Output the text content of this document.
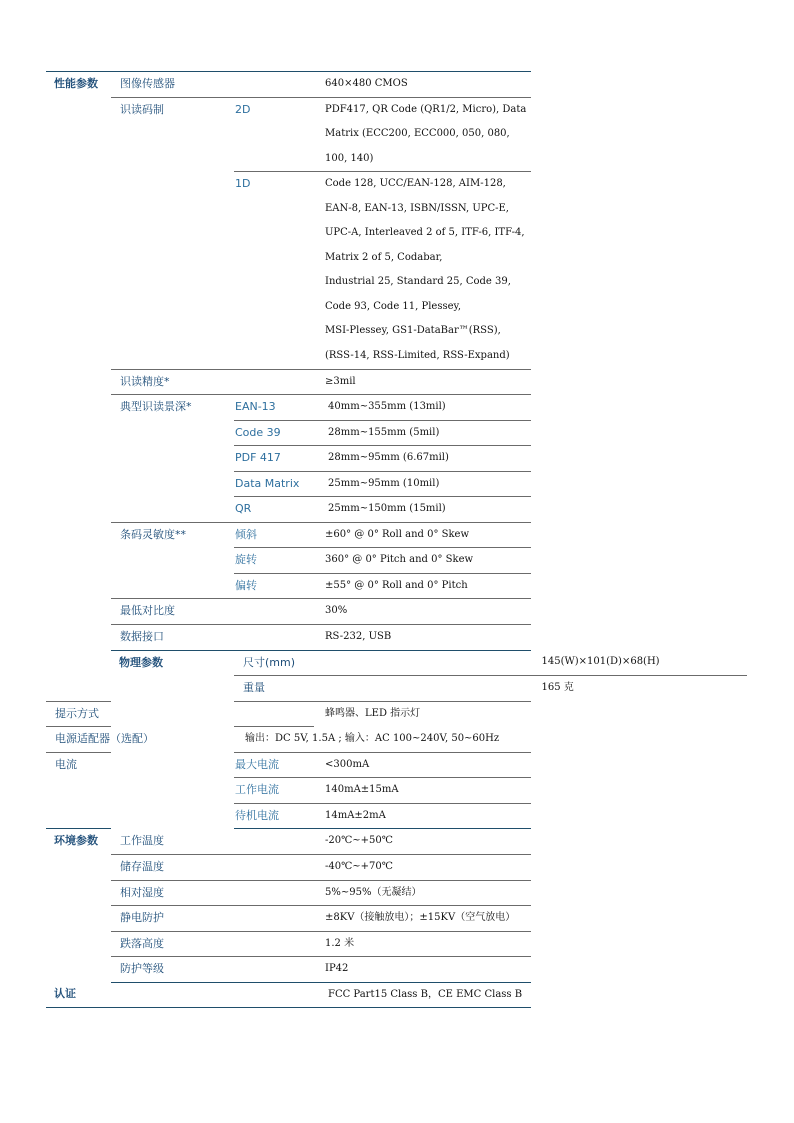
性能参数	图像传感器		640×480 CMOS	
	识读码制	2D	PDF417, QR Code (QR1/2, Micro), Data Matrix (ECC200, ECC000, 050, 080,
100, 140)	

		1D	Code 128, UCC/EAN-128, AIM-128, EAN-8, EAN-13, ISBN/ISSN, UPC-E,
UPC-A, Interleaved 2 of 5, ITF-6, ITF-4, Matrix 2 of 5, Codabar,
Industrial 25, Standard 25, Code 39, Code 93, Code 11, Plessey,
MSI-Plessey, GS1-DataBar™(RSS), (RSS-14, RSS-Limited, RSS-Expand)	

	识读精度*		≥3mil	
	典型识读景深*	EAN-13	40mm~355mm (13mil)	
		Code 39	28mm~155mm (5mil)	
		PDF 417	28mm~95mm (6.67mil)	
		Data Matrix	25mm~95mm (10mil)	
		QR	25mm~150mm (15mil)	
	条码灵敏度**	倾斜	±60° @ 0° Roll and 0° Skew	
		旋转	360° @ 0° Pitch and 0° Skew	
		偏转	±55° @ 0° Roll and 0° Pitch	
	最低对比度		30%	
	数据接口		RS-232, USB	
	物理参数	尺寸(mm)		145(W)×101(D)×68(H)
		重量		165 克
提示方式			蜂鸣器、LED 指示灯	
电源适配器（选配）		输出：DC 5V, 1.5A ; 输入：AC 100~240V, 50~60Hz		
电流		最大电流	<300mA	
		工作电流	140mA±15mA	
		待机电流	14mA±2mA	
环境参数	工作温度		-20℃~+50℃	
	储存温度		-40℃~+70℃	
	相对湿度		5%~95%（无凝结）	
	静电防护		±8KV（接触放电）；±15KV（空气放电）	
	跌落高度		1.2 米	
	防护等级		IP42	
认证			FCC Part15 Class B，CE EMC Class B	
